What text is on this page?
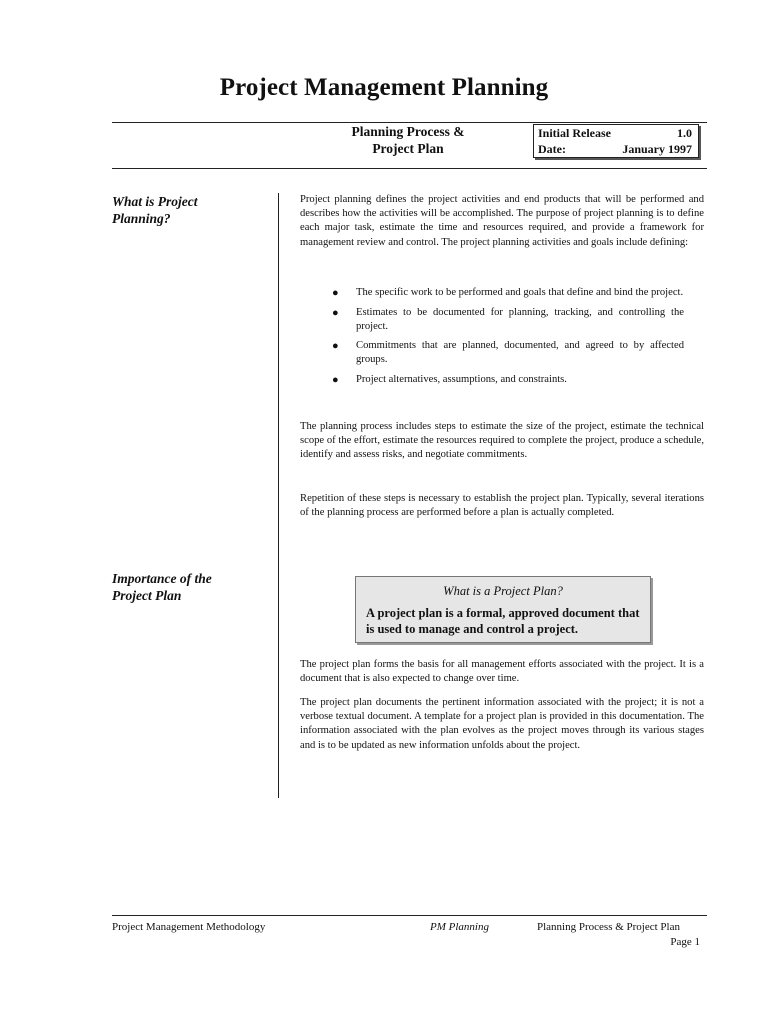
Project Management Planning
Planning Process &
Project Plan
Initial Release	1.0
Date:	January 1997
What is Project
Planning?
Project planning defines the project activities and end products that will be performed and describes how the activities will be accomplished. The purpose of project planning is to define each major task, estimate the time and resources required, and provide a framework for management review and control. The project planning activities and goals include defining:
● The specific work to be performed and goals that define and bind the project.
● Estimates to be documented for planning, tracking, and controlling the project.
● Commitments that are planned, documented, and agreed to by affected groups.
● Project alternatives, assumptions, and constraints.
The planning process includes steps to estimate the size of the project, estimate the technical scope of the effort, estimate the resources required to complete the project, produce a schedule, identify and assess risks, and negotiate commitments.
Repetition of these steps is necessary to establish the project plan. Typically, several iterations of the planning process are performed before a plan is actually completed.
Importance of the
Project Plan	What is a Project Plan?
A project plan is a formal, approved document that is used to manage and control a project.
The project plan forms the basis for all management efforts associated with the project. It is a document that is also expected to change over time.
The project plan documents the pertinent information associated with the project; it is not a verbose textual document. A template for a project plan is provided in this documentation. The information associated with the plan evolves as the project moves through its various stages and is to be updated as new information unfolds about the project.
Project Management Methodology	PM Planning	Planning Process & Project Plan
Page 1
